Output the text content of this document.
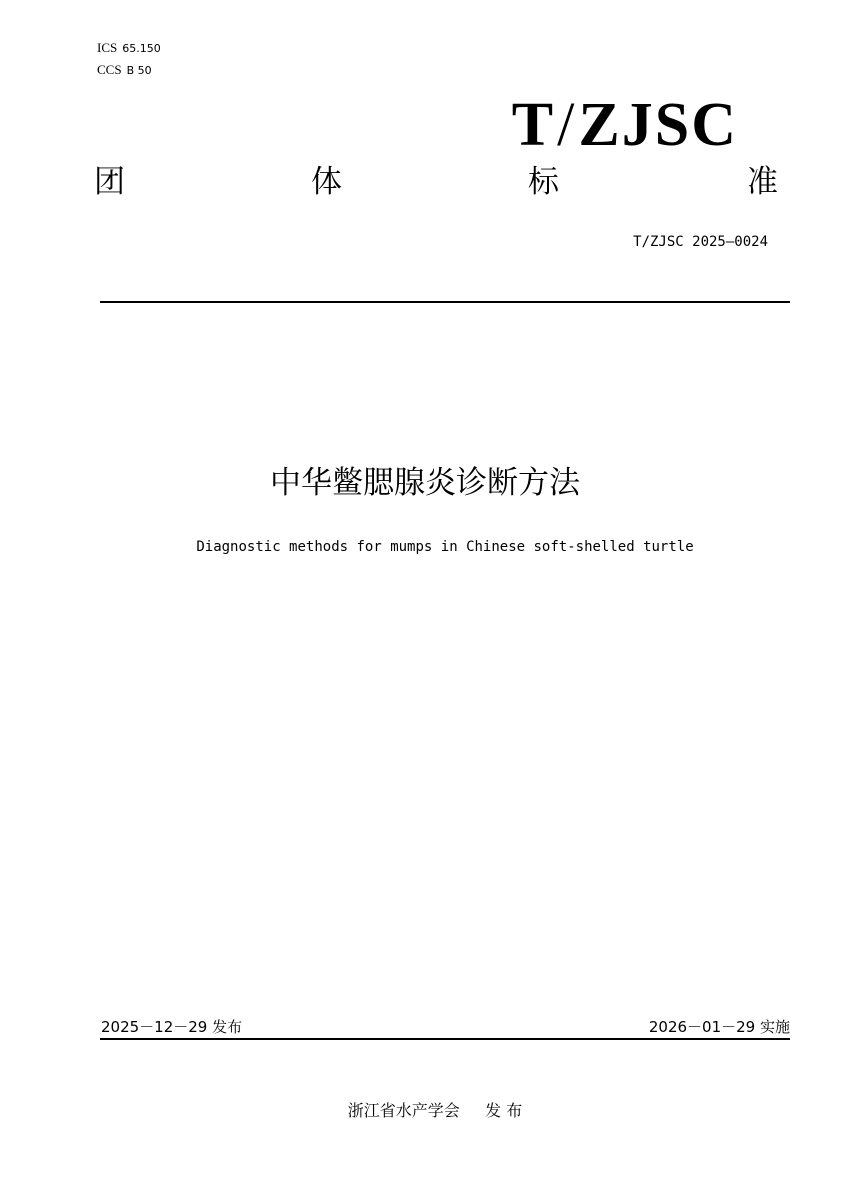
ICS 65.150
CCS B 50
T/ZJSC
团	体	标	准
T/ZJSC 2025—0024
中华鳖腮腺炎诊断方法
Diagnostic methods for mumps in Chinese soft-shelled turtle
2025－12－29 发布	2026－01－29 实施
浙江省水产学会 发 布
